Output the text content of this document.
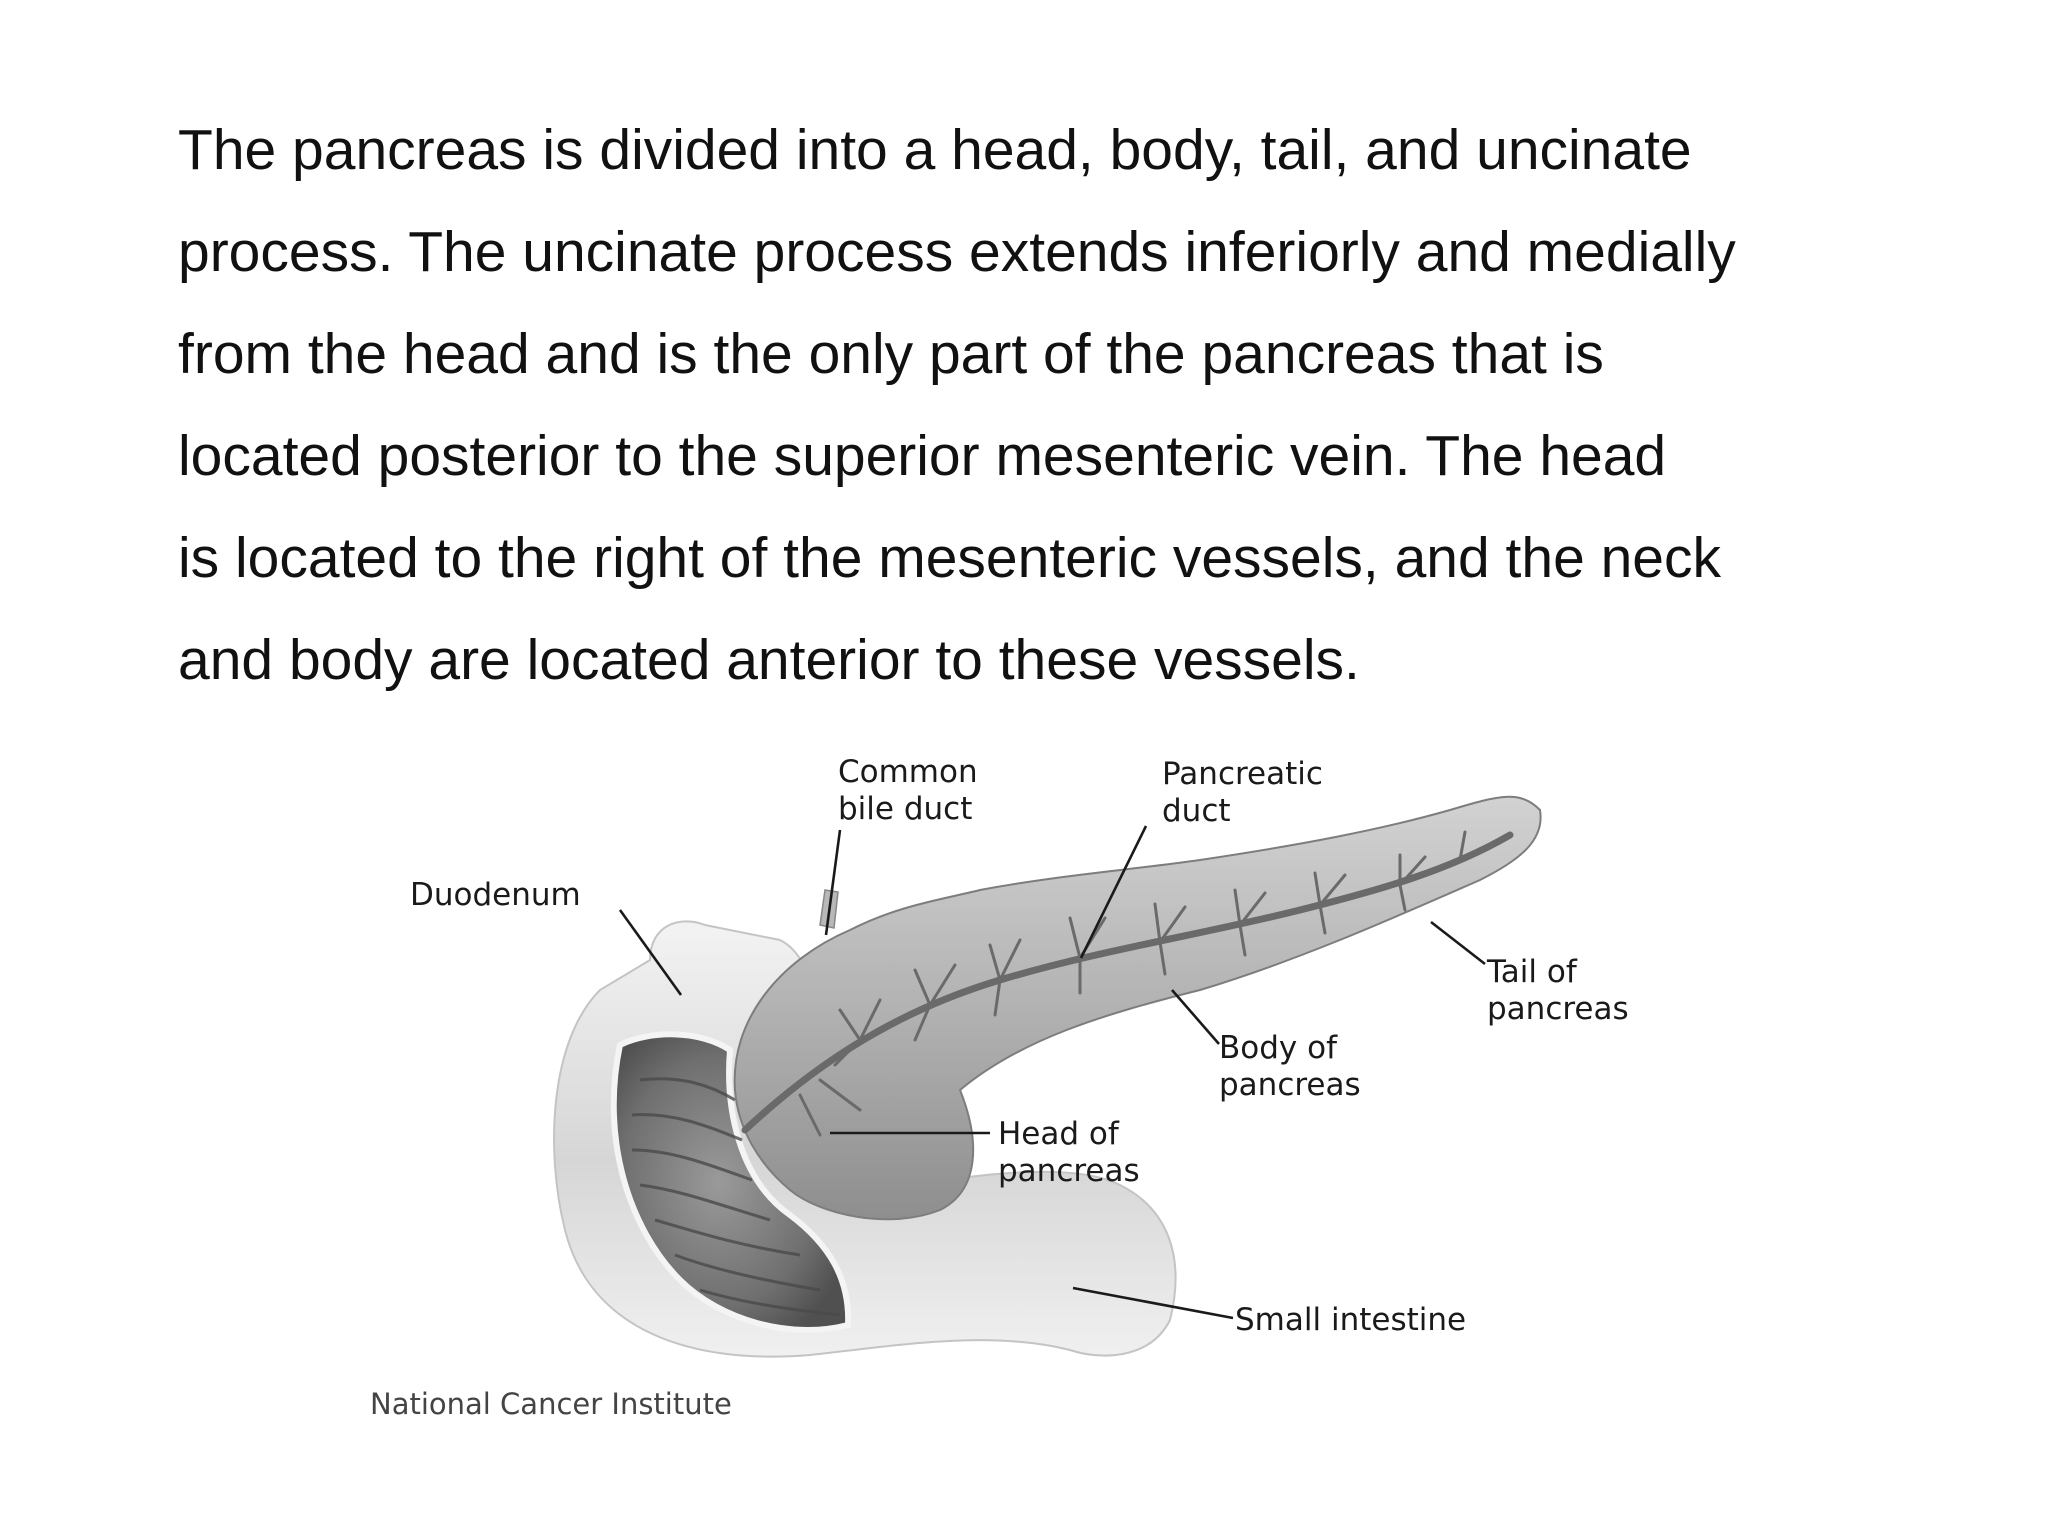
The pancreas is divided into a head, body, tail, and uncinate
process. The uncinate process extends inferiorly and medially
from the head and is the only part of the pancreas that is
located posterior to the superior mesenteric vein. The head
is located to the right of the mesenteric vessels, and the neck
and body are located anterior to these vessels.
Common bile duct
Pancreatic duct
Duodenum
Tail of pancreas
Body of pancreas
Head of pancreas
Small intestine
National Cancer Institute
